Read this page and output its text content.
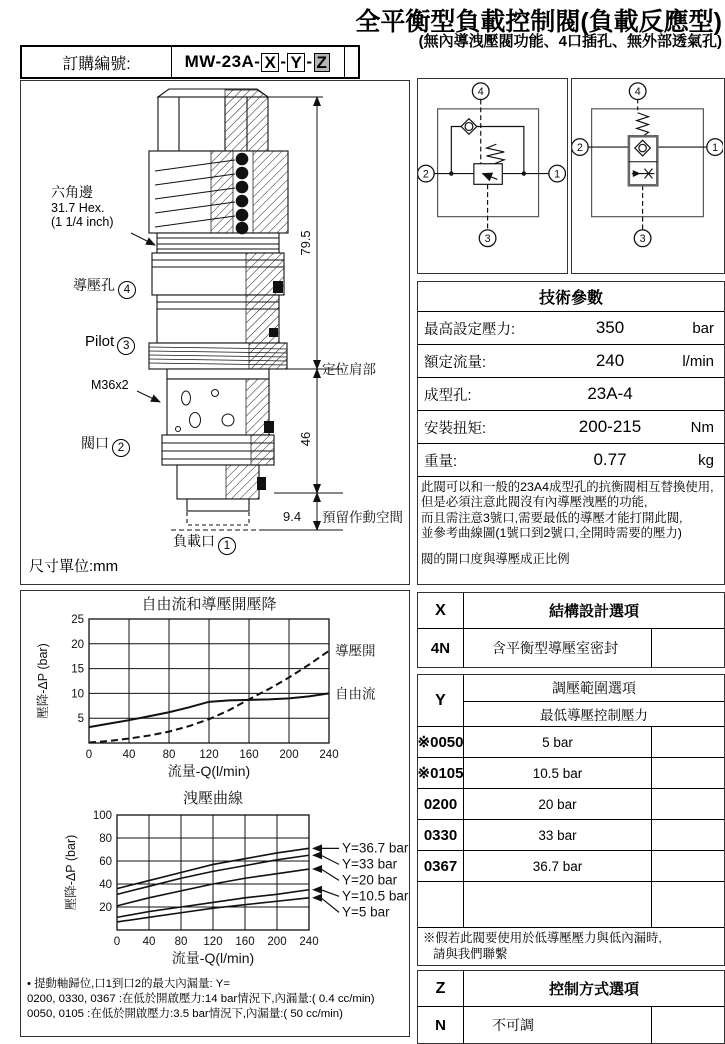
全平衡型負載控制閥(負載反應型)
(無內導洩壓閥功能、4口插孔、無外部透氣孔)
訂購編號:	MW-23A- X - Y - Z
79.5
46
9.4
定位肩部
預留作動空間
六角邊
31.7 Hex.
(1 1/4 inch)
導壓孔 4
Pilot 3
M36x2
閥口 2
負載口 1
尺寸單位:mm
4
2	1
3
4
2	1
3
技術參數
最高設定壓力:	350	bar
額定流量:	240	l/min
成型孔:	23A-4
安裝扭矩:	200-215	Nm
重量:	0.77	kg
此閥可以和一般的23A4成型孔的抗衡閥相互替換使用,
但是必須注意此閥沒有內導壓洩壓的功能,
而且需注意3號口,需要最低的導壓才能打開此閥,
並參考曲線圖(1號口到2號口,全開時需要的壓力)
閥的開口度與導壓成正比例
X	結構設計選項
4N	含平衡型導壓室密封
Y
調壓範圍選項
最低導壓控制壓力
※0050	5 bar
※0105	10.5 bar
0200	20 bar
0330	33 bar
0367	36.7 bar
※假若此閥要使用於低導壓壓力與低內漏時,
請與我們聯繫
Z	控制方式選項
N	不可調
0	40 80 120 160 200 240
5
10
15
20
25
自由流和導壓開壓降
流量-Q(l/min)
壓降-ΔP (bar)	導壓開
自由流
0 40 80 120 160 200 240
20
40
60
80
100
洩壓曲線
流量-Q(l/min)
壓降-ΔP (bar)	Y=36.7 bar
Y=33 bar
Y=20 bar
Y=10.5 bar
Y=5 bar
• 提動軸歸位,口1到口2的最大內漏量: Y=
0200, 0330, 0367 :在低於開啟壓力:14 bar情況下,內漏量:( 0.4 cc/min)
0050, 0105 :在低於開啟壓力:3.5 bar情況下,內漏量:( 50 cc/min)
